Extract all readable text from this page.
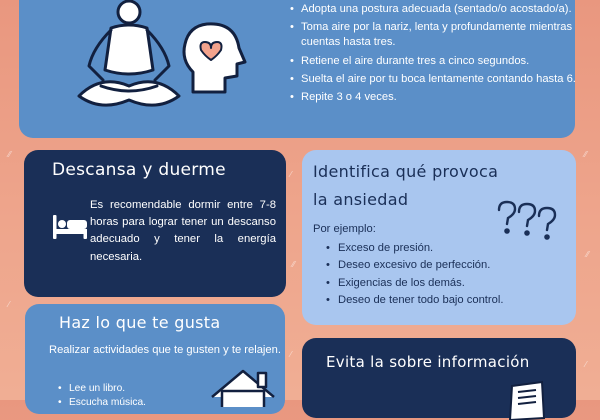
⁄⁄	⁄⁄
⁄
⁄⁄
⁄
⁄⁄
⁄
⁄
• Adopta una postura adecuada (sentado/o acostado/a).
• Toma aire por la nariz, lenta y profundamente mientras cuentas hasta tres.
• Retiene el aire durante tres a cinco segundos.
• Suelta el aire por tu boca lentamente contando hasta 6.
• Repite 3 o 4 veces.
Descansa y duerme

Es recomendable dormir entre 7-8 horas para lograr tener un descanso adecuado y tener la energía necesaria.

Identifica qué provoca
la ansiedad

Por ejemplo:

• Exceso de presión.
• Deseo excesivo de perfección.
• Exigencias de los demás.
• Deseo de tener todo bajo control.
Haz lo que te gusta

Realizar actividades que te gusten y te relajen.

• Lee un libro.
• Escucha música.
Evita la sobre información
